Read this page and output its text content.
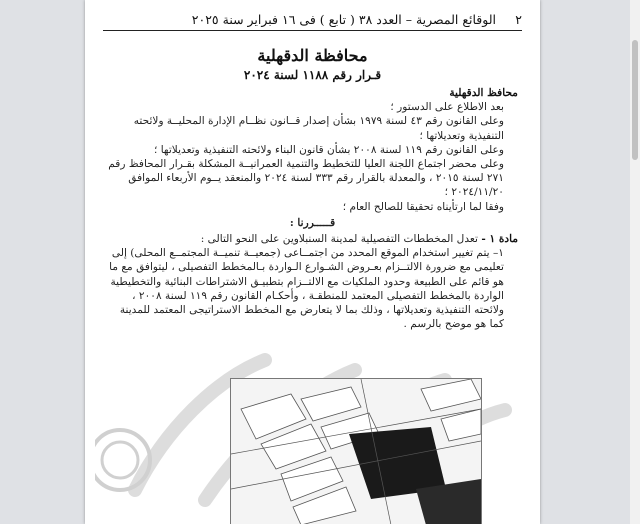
٢
الوقائع المصرية – العدد ٣٨ ( تابع ) فى ١٦ فبراير سنة ٢٠٢٥
محافظة الدقهلية
قـرار رقم ١١٨٨ لسنة ٢٠٢٤

محافظ الدقهلية

بعد الاطلاع على الدستور ؛

وعلى القانون رقم ٤٣ لسنة ١٩٧٩ بشأن إصدار قــانون نظــام الإدارة المحليــة ولائحته التنفيذية وتعديلاتها ؛

وعلى القانون رقم ١١٩ لسنة ٢٠٠٨ بشأن قانون البناء ولائحته التنفيذية وتعديلاتها ؛

وعلى محضر اجتماع اللجنة العليا للتخطيط والتنمية العمرانيــة المشكلة بقـرار المحافظ رقم ٢٧١ لسنة ٢٠١٥ ، والمعدلة بالقرار رقم ٣٣٣ لسنة ٢٠٢٤ والمنعقد يــوم الأربعاء الموافق ٢٠٢٤/١١/٢٠ ؛

وفقا لما ارتأيناه تحقيقا للصالح العام ؛

قـــــررنا :

مادة ١ - تعدل المخططات التفصيلية لمدينة السنبلاوين على النحو التالى :

١– يتم تغيير استخدام الموقع المحدد من اجتمــاعى (جمعيــة تنميــة المجتمــع المحلى) إلى تعليمى مع ضرورة الالتــزام بعـروض الشـوارع الـواردة بـالمخطط التفصيلى ، ليتوافق مع ما هو قائم على الطبيعة وحدود الملكيات مع الالتــزام بتطبيـق الاشتراطات البنائية والتخطيطية الواردة بالمخطط التفصيلى المعتمد للمنطقـة ، وأحكـام القانون رقم ١١٩ لسنة ٢٠٠٨ ، ولائحته التنفيذية وتعديلاتها ، وذلك بما لا يتعارض مع المخطط الاستراتيجى المعتمد للمدينة كما هو موضح بالرسم .
